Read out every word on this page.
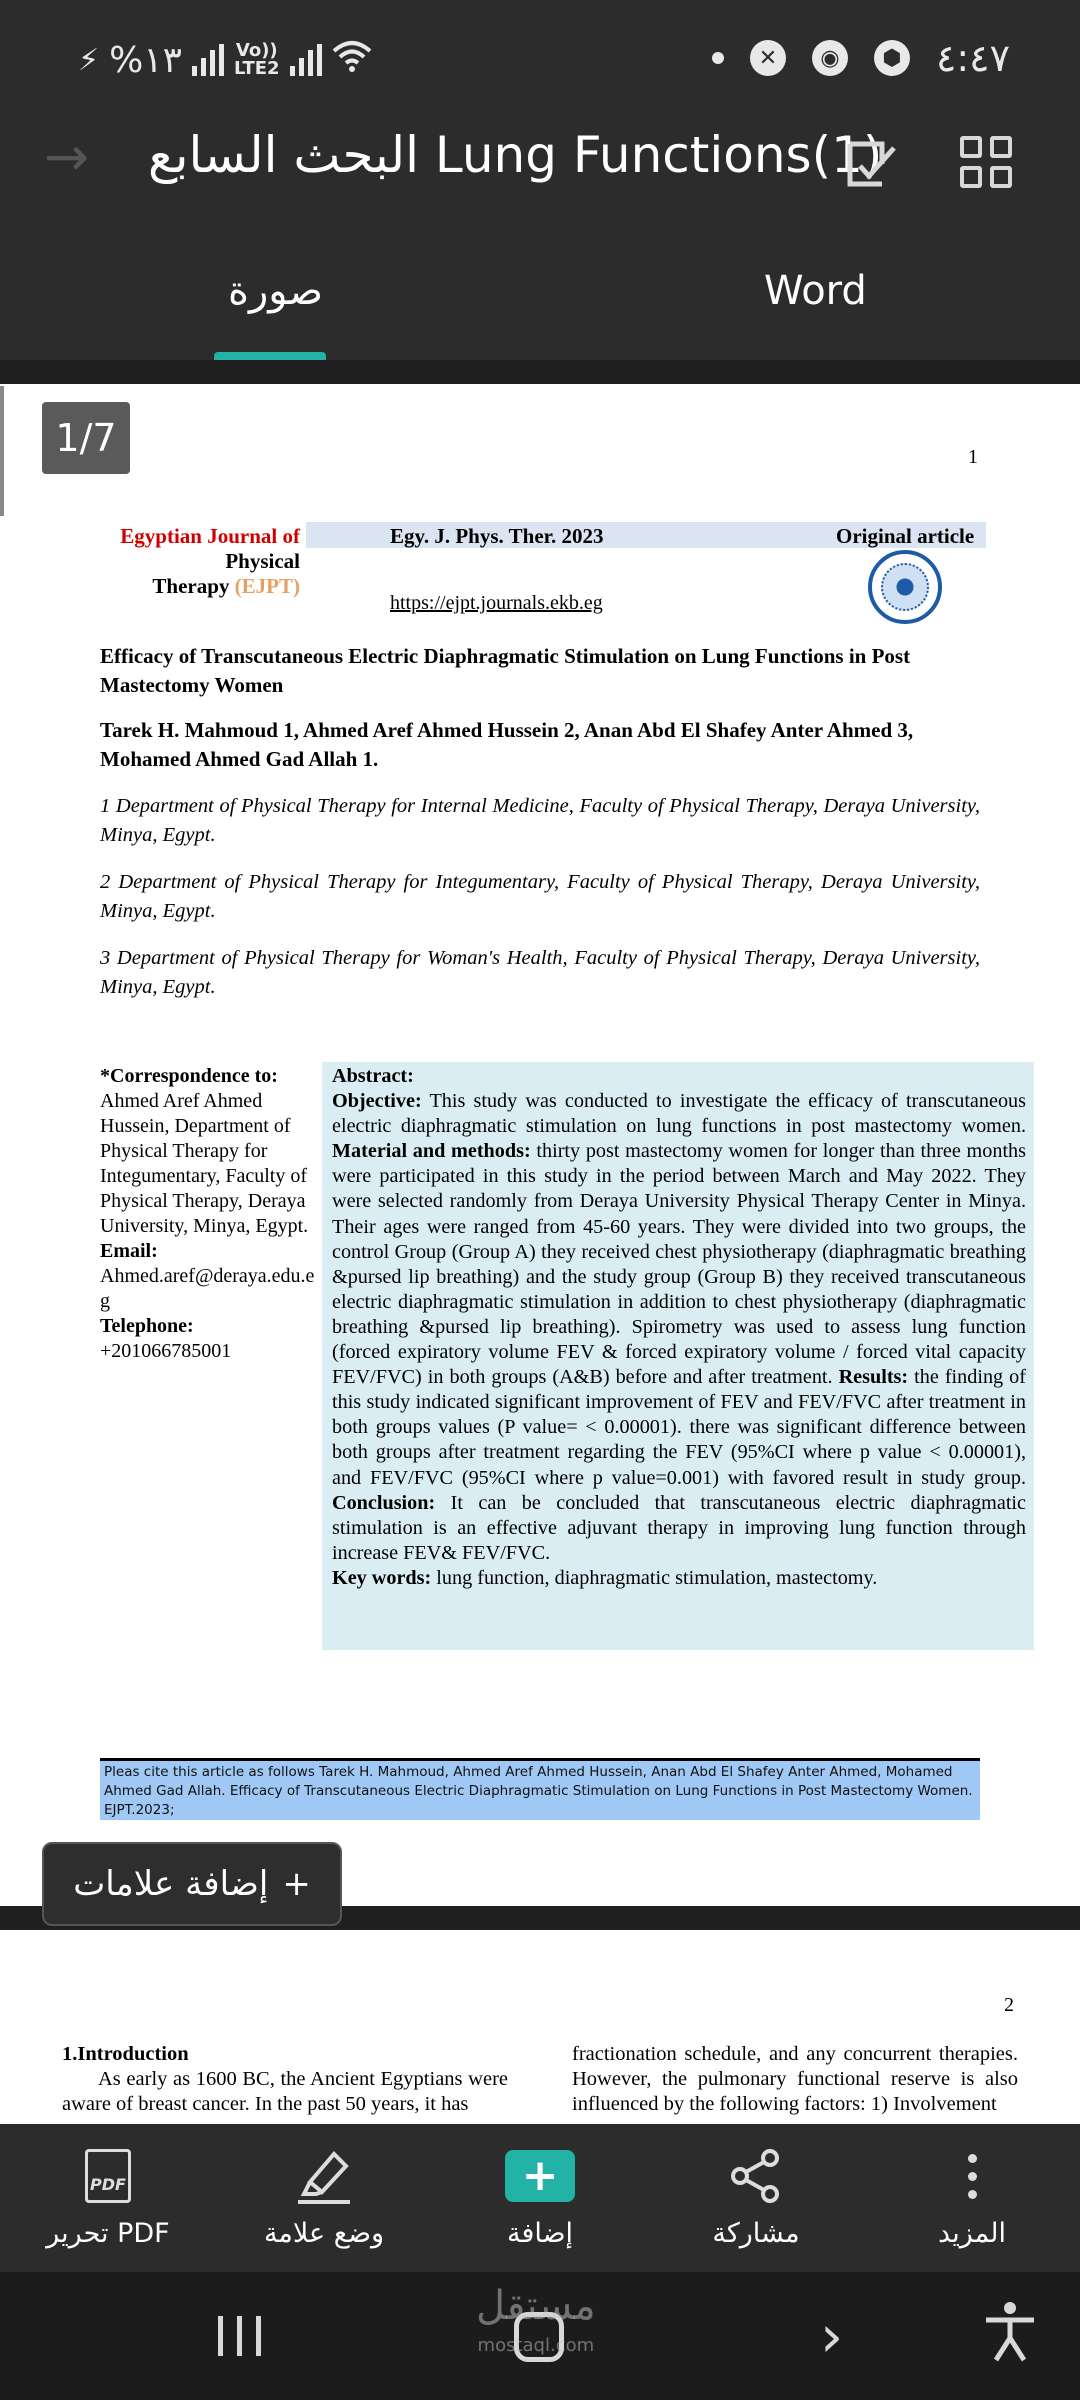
⚡ %١٣	Vo))
LTE2	✕	◉	⬢ ٤:٤٧
→ البحث السابع Lung Functions(1)
صورة	Word
1
Egyptian Journal of
Physical
Therapy (EJPT)
Egy. J. Phys. Ther. 2023	Original article
https://ejpt.journals.ekb.eg
Efficacy of Transcutaneous Electric Diaphragmatic Stimulation on Lung Functions in Post Mastectomy Women
Tarek H. Mahmoud 1, Ahmed Aref Ahmed Hussein 2, Anan Abd El Shafey Anter Ahmed 3, Mohamed Ahmed Gad Allah 1.
1 Department of Physical Therapy for Internal Medicine, Faculty of Physical Therapy, Deraya University, Minya, Egypt.
2 Department of Physical Therapy for Integumentary, Faculty of Physical Therapy, Deraya University, Minya, Egypt.
3 Department of Physical Therapy for Woman's Health, Faculty of Physical Therapy, Deraya University, Minya, Egypt.
*Correspondence to:
Ahmed Aref Ahmed Hussein, Department of Physical Therapy for Integumentary, Faculty of Physical Therapy, Deraya University, Minya, Egypt.
Email:
Ahmed.aref@deraya.edu.eg
Telephone:
+201066785001
Abstract:
Objective: This study was conducted to investigate the efficacy of transcutaneous electric diaphragmatic stimulation on lung functions in post mastectomy women. Material and methods: thirty post mastectomy women for longer than three months were participated in this study in the period between March and May 2022. They were selected randomly from Deraya University Physical Therapy Center in Minya. Their ages were ranged from 45-60 years. They were divided into two groups, the control Group (Group A) they received chest physiotherapy (diaphragmatic breathing &pursed lip breathing) and the study group (Group B) they received transcutaneous electric diaphragmatic stimulation in addition to chest physiotherapy (diaphragmatic breathing &pursed lip breathing). Spirometry was used to assess lung function (forced expiratory volume FEV & forced expiratory volume / forced vital capacity FEV/FVC) in both groups (A&B) before and after treatment. Results: the finding of this study indicated significant improvement of FEV and FEV/FVC after treatment in both groups values (P value= < 0.00001). there was significant difference between both groups after treatment regarding the FEV (95%CI where p value < 0.00001), and FEV/FVC (95%CI where p value=0.001) with favored result in study group. Conclusion: It can be concluded that transcutaneous electric diaphragmatic stimulation is an effective adjuvant therapy in improving lung function through increase FEV& FEV/FVC.
Key words: lung function, diaphragmatic stimulation, mastectomy.
Pleas cite this article as follows Tarek H. Mahmoud, Ahmed Aref Ahmed Hussein, Anan Abd El Shafey Anter Ahmed, Mohamed Ahmed Gad Allah. Efficacy of Transcutaneous Electric Diaphragmatic Stimulation on Lung Functions in Post Mastectomy Women. EJPT.2023;
1/7
+
إضافة علامات
2
1.Introduction
As early as 1600 BC, the Ancient Egyptians were aware of breast cancer. In the past 50 years, it has
fractionation schedule, and any concurrent therapies. However, the pulmonary functional reserve is also influenced by the following factors: 1) Involvement
PDF
تحرير PDF	وضع علامة
+
إضافة	مشاركة	المزيد
مستقل
mostaql.com	›
